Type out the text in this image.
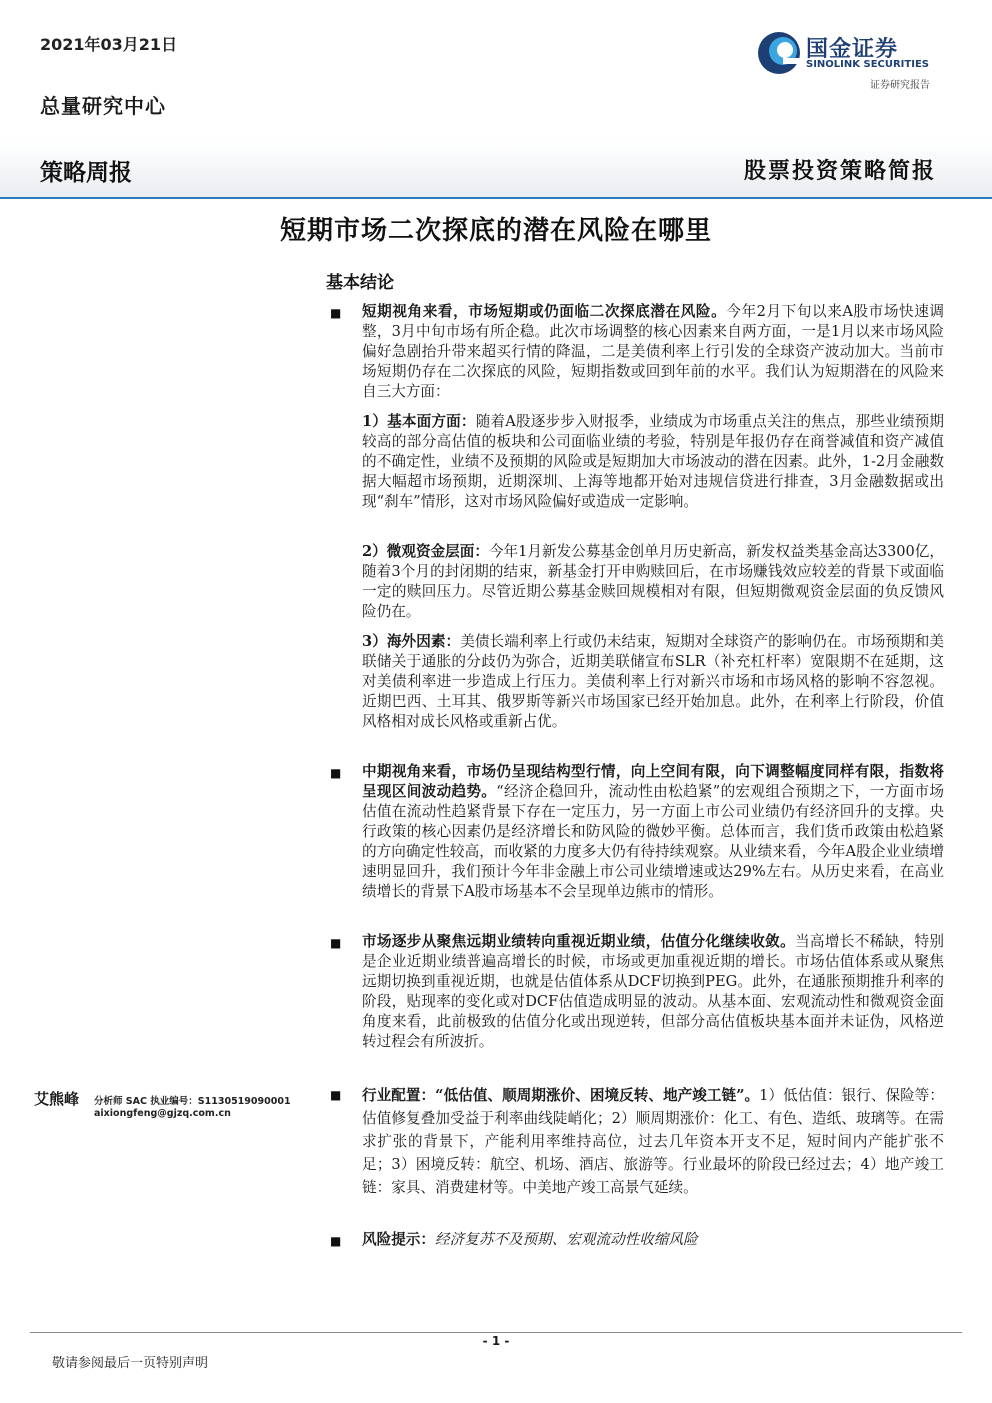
2021年03月21日
总量研究中心
国金证券
SINOLINK SECURITIES
证券研究报告
策略周报	股票投资策略简报
短期市场二次探底的潜在风险在哪里
基本结论
■ 短期视角来看，市场短期或仍面临二次探底潜在风险。今年2月下旬以来A股市场快速调整，3月中旬市场有所企稳。此次市场调整的核心因素来自两方面，一是1月以来市场风险偏好急剧抬升带来超买行情的降温，二是美债利率上行引发的全球资产波动加大。当前市场短期仍存在二次探底的风险，短期指数或回到年前的水平。我们认为短期潜在的风险来自三大方面：
1）基本面方面：随着A股逐步步入财报季，业绩成为市场重点关注的焦点，那些业绩预期较高的部分高估值的板块和公司面临业绩的考验，特别是年报仍存在商誉减值和资产减值的不确定性，业绩不及预期的风险或是短期加大市场波动的潜在因素。此外，1-2月金融数据大幅超市场预期，近期深圳、上海等地都开始对违规信贷进行排查，3月金融数据或出现“刹车”情形，这对市场风险偏好或造成一定影响。
2）微观资金层面：今年1月新发公募基金创单月历史新高，新发权益类基金高达3300亿，随着3个月的封闭期的结束，新基金打开申购赎回后，在市场赚钱效应较差的背景下或面临一定的赎回压力。尽管近期公募基金赎回规模相对有限，但短期微观资金层面的负反馈风险仍在。
3）海外因素：美债长端利率上行或仍未结束，短期对全球资产的影响仍在。市场预期和美联储关于通胀的分歧仍为弥合，近期美联储宣布SLR（补充杠杆率）宽限期不在延期，这对美债利率进一步造成上行压力。美债利率上行对新兴市场和市场风格的影响不容忽视。近期巴西、土耳其、俄罗斯等新兴市场国家已经开始加息。此外，在利率上行阶段，价值风格相对成长风格或重新占优。
■ 中期视角来看，市场仍呈现结构型行情，向上空间有限，向下调整幅度同样有限，指数将呈现区间波动趋势。“经济企稳回升，流动性由松趋紧”的宏观组合预期之下，一方面市场估值在流动性趋紧背景下存在一定压力，另一方面上市公司业绩仍有经济回升的支撑。央行政策的核心因素仍是经济增长和防风险的微妙平衡。总体而言，我们货币政策由松趋紧的方向确定性较高，而收紧的力度多大仍有待持续观察。从业绩来看，今年A股企业业绩增速明显回升，我们预计今年非金融上市公司业绩增速或达29%左右。从历史来看，在高业绩增长的背景下A股市场基本不会呈现单边熊市的情形。
■ 市场逐步从聚焦远期业绩转向重视近期业绩，估值分化继续收敛。当高增长不稀缺，特别是企业近期业绩普遍高增长的时候，市场或更加重视近期的增长。市场估值体系或从聚焦远期切换到重视近期，也就是估值体系从DCF切换到PEG。此外，在通胀预期推升利率的阶段，贴现率的变化或对DCF估值造成明显的波动。从基本面、宏观流动性和微观资金面角度来看，此前极致的估值分化或出现逆转，但部分高估值板块基本面并未证伪，风格逆转过程会有所波折。
■ 行业配置：“低估值、顺周期涨价、困境反转、地产竣工链”。1）低估值：银行、保险等：估值修复叠加受益于利率曲线陡峭化；2）顺周期涨价：化工、有色、造纸、玻璃等。在需求扩张的背景下，产能利用率维持高位，过去几年资本开支不足，短时间内产能扩张不足；3）困境反转：航空、机场、酒店、旅游等。行业最坏的阶段已经过去；4）地产竣工链：家具、消费建材等。中美地产竣工高景气延续。
■ 风险提示：经济复苏不及预期、宏观流动性收缩风险
艾熊峰 分析师 SAC 执业编号：S1130519090001
aixiongfeng@gjzq.com.cn
- 1 -
敬请参阅最后一页特别声明
